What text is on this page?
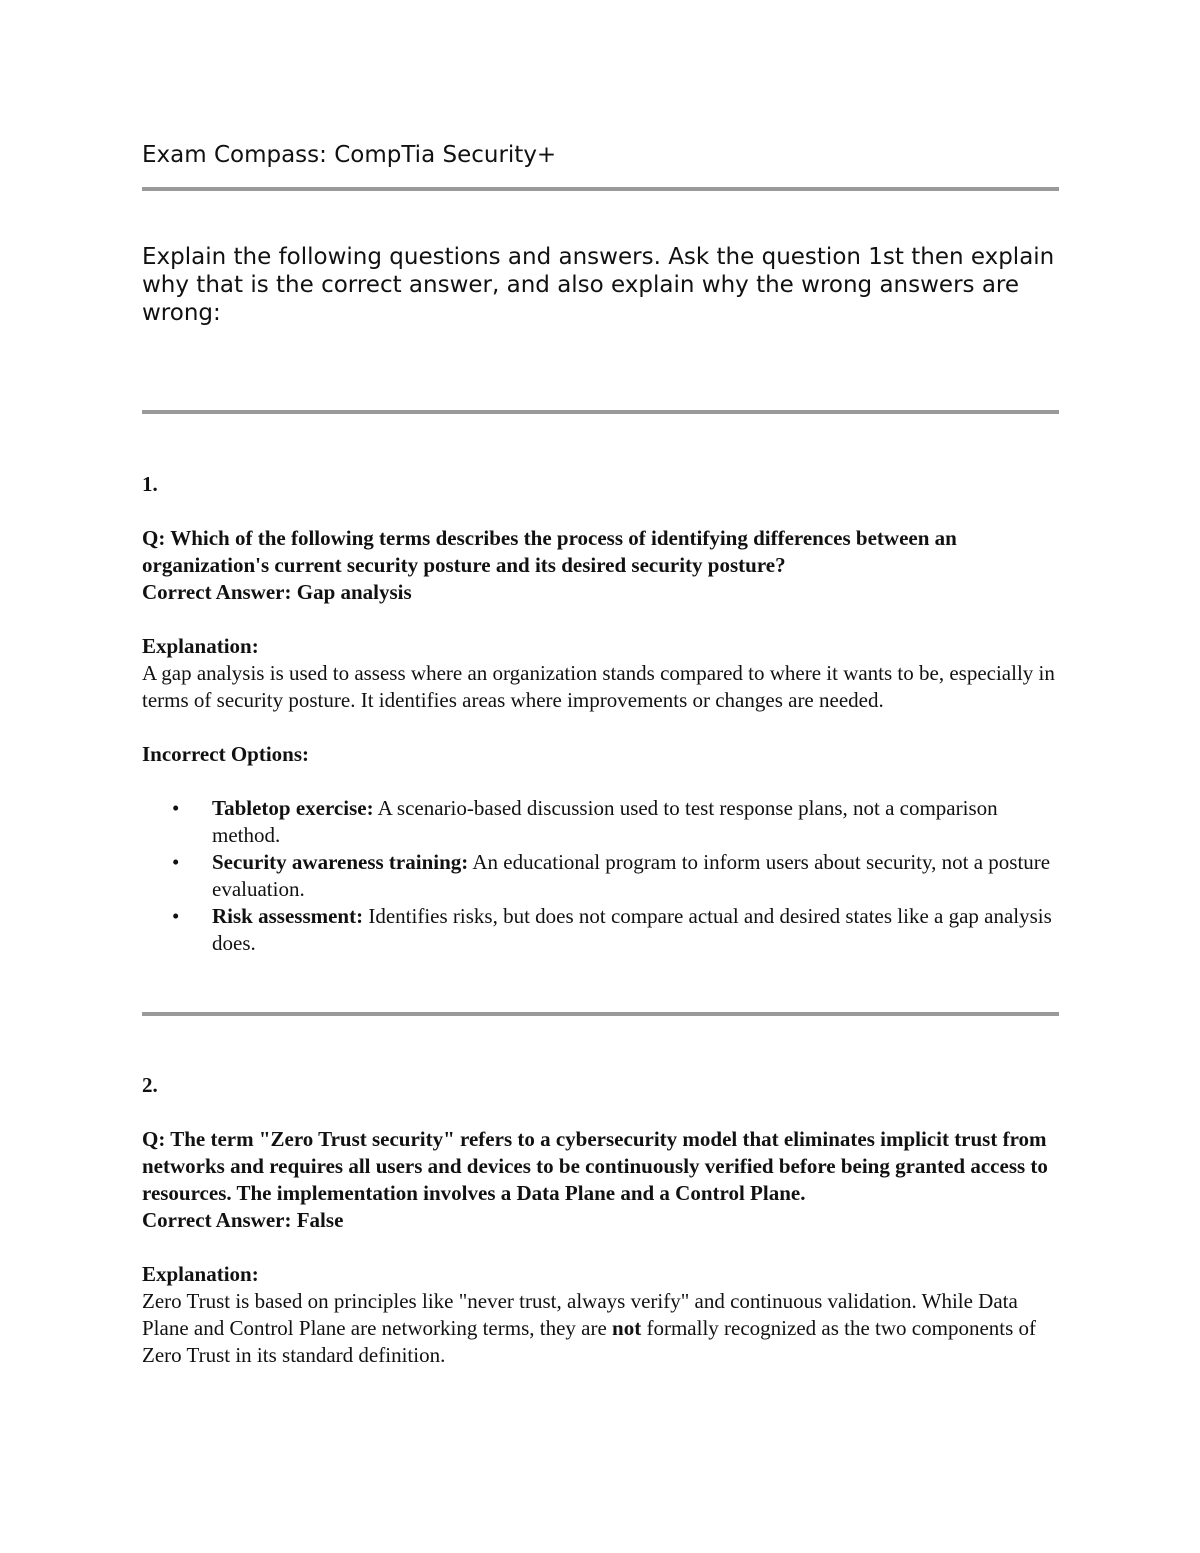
Exam Compass: CompTia Security+
Explain the following questions and answers. Ask the question 1st then explain why that is the correct answer, and also explain why the wrong answers are wrong:

1.

Q: Which of the following terms describes the process of identifying differences between an organization's current security posture and its desired security posture?

Correct Answer: Gap analysis

Explanation:

A gap analysis is used to assess where an organization stands compared to where it wants to be, especially in terms of security posture. It identifies areas where improvements or changes are needed.

Incorrect Options:

• Tabletop exercise: A scenario-based discussion used to test response plans, not a comparison method.
• Security awareness training: An educational program to inform users about security, not a posture evaluation.
• Risk assessment: Identifies risks, but does not compare actual and desired states like a gap analysis does.

2.

Q: The term "Zero Trust security" refers to a cybersecurity model that eliminates implicit trust from networks and requires all users and devices to be continuously verified before being granted access to resources. The implementation involves a Data Plane and a Control Plane.

Correct Answer: False

Explanation:

Zero Trust is based on principles like "never trust, always verify" and continuous validation. While Data Plane and Control Plane are networking terms, they are not formally recognized as the two components of Zero Trust in its standard definition.
